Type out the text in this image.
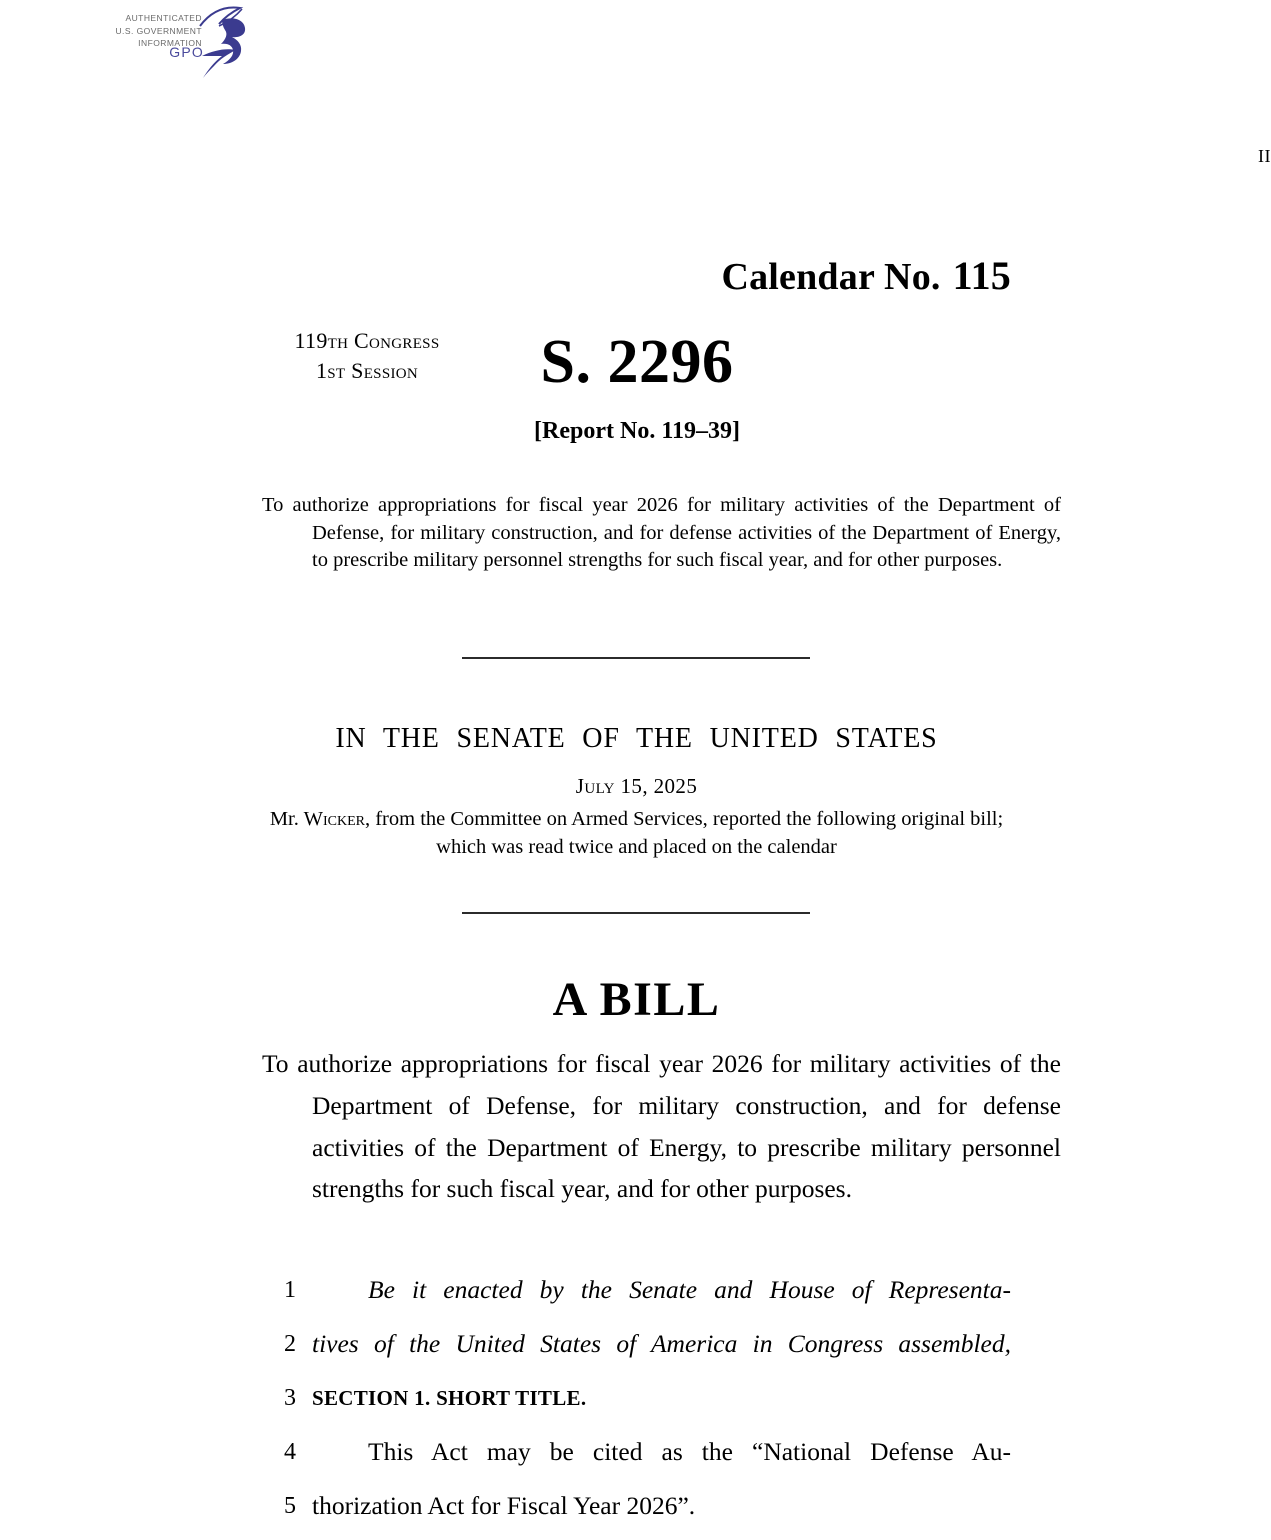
AUTHENTICATED
U.S. GOVERNMENT
INFORMATION
GPO
II
Calendar No. 115
119th Congress
1st Session	S. 2296
[Report No. 119–39]
To authorize appropriations for fiscal year 2026 for military activities of the Department of Defense, for military construction, and for defense activities of the Department of Energy, to prescribe military personnel strengths for such fiscal year, and for other purposes.
IN THE SENATE OF THE UNITED STATES
July 15, 2025
Mr. Wicker, from the Committee on Armed Services, reported the following original bill; which was read twice and placed on the calendar
A BILL
To authorize appropriations for fiscal year 2026 for military activities of the Department of Defense, for military construction, and for defense activities of the Department of Energy, to prescribe military personnel strengths for such fiscal year, and for other purposes.
1	Be it enacted by the Senate and House of Representa-
2 tives of the United States of America in Congress assembled,
3 SECTION 1. SHORT TITLE.
4	This Act may be cited as the “National Defense Au-
5 thorization Act for Fiscal Year 2026”.
